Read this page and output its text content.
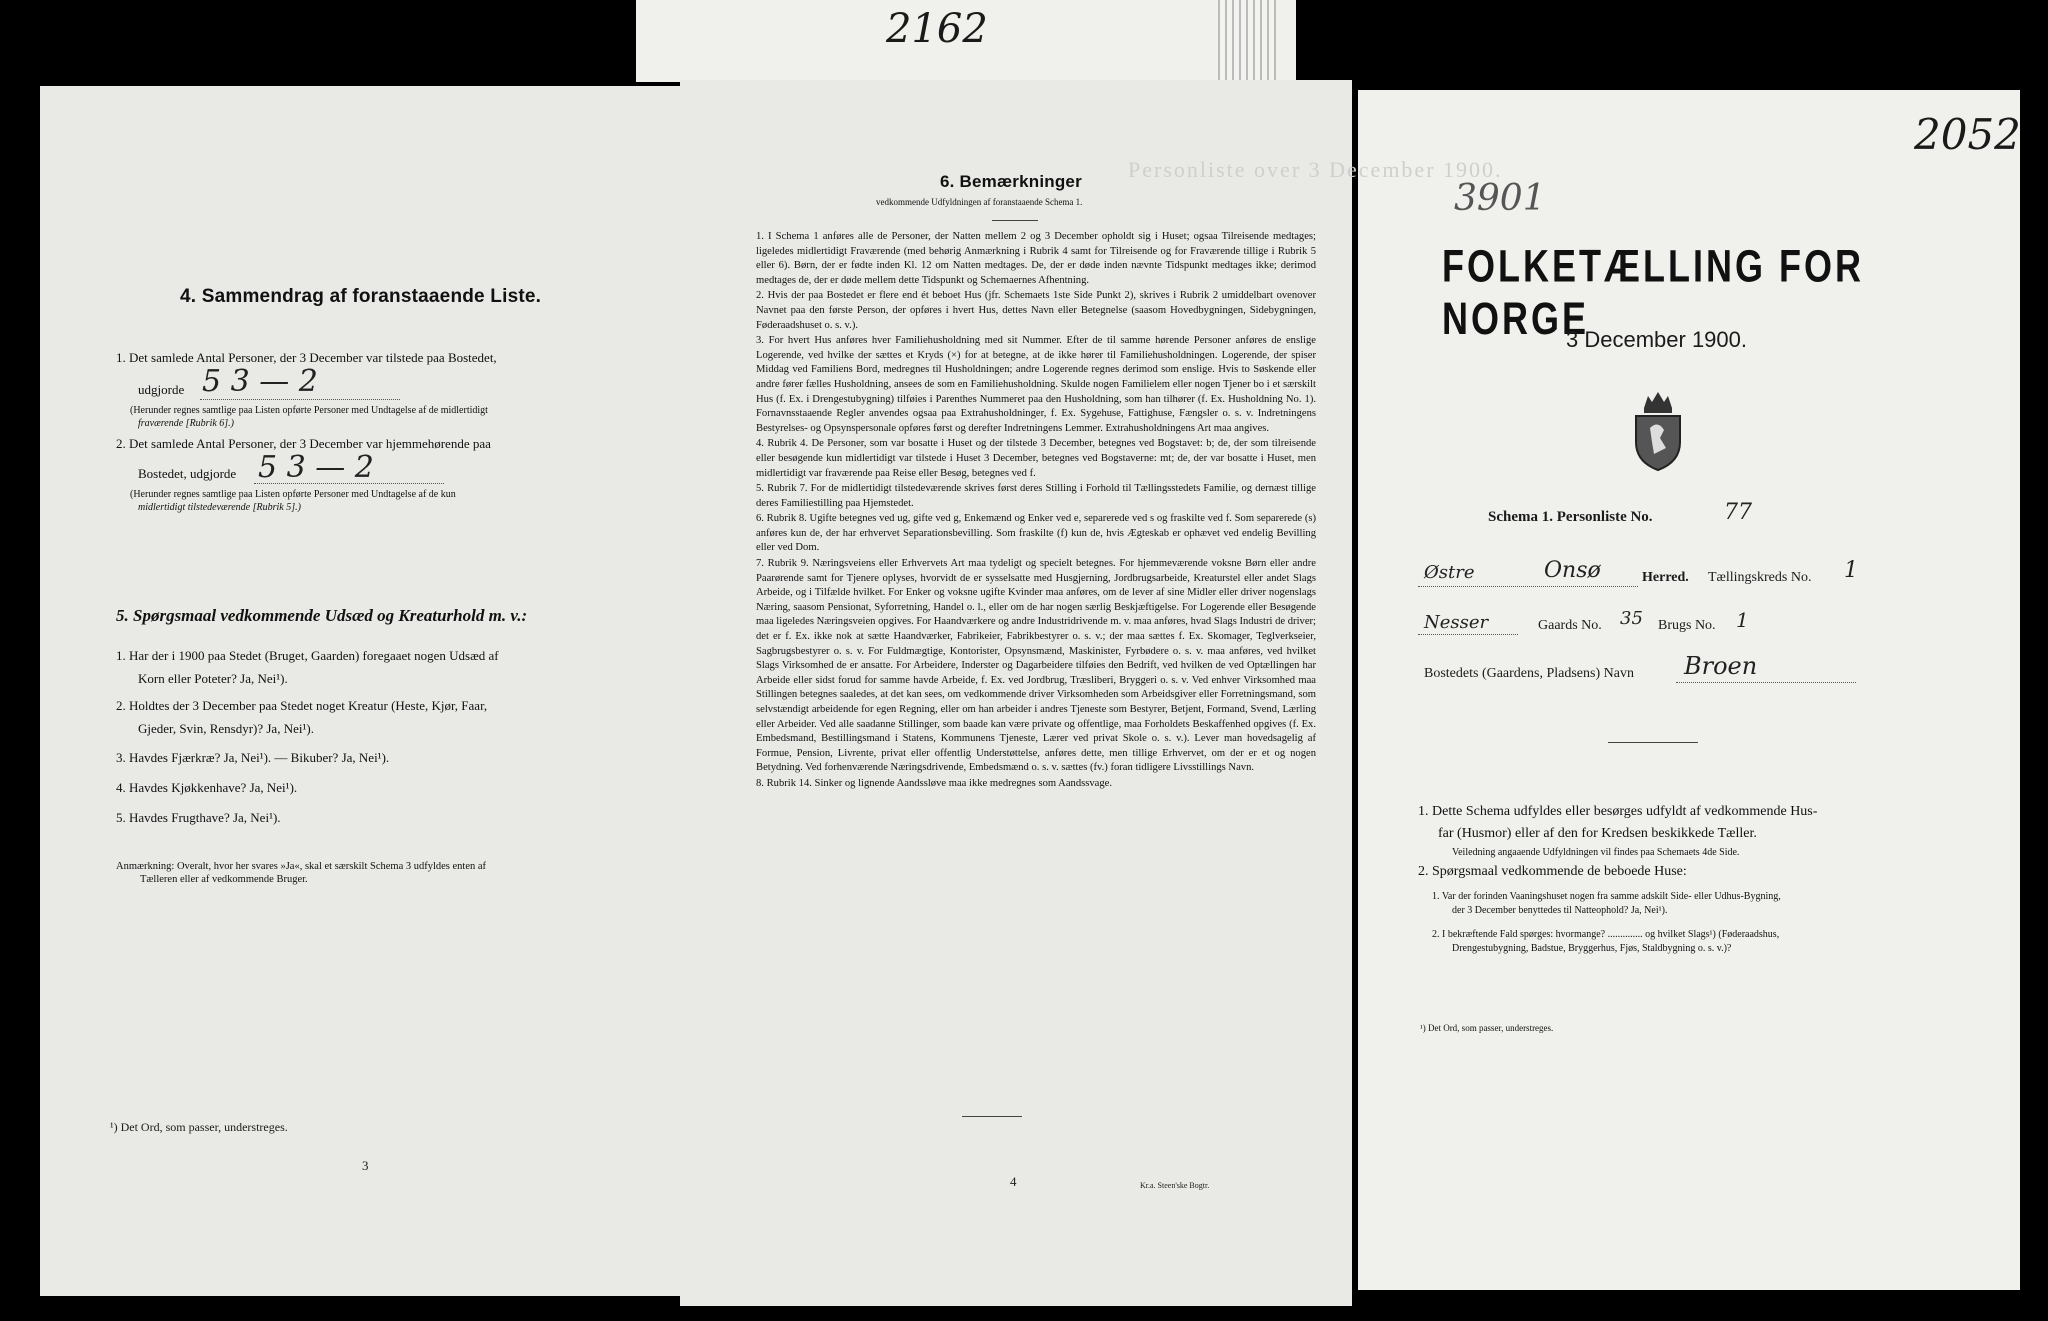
2162
4. Sammendrag af foranstaaende Liste.
1. Det samlede Antal Personer, der 3 December var tilstede paa Bostedet,
udgjorde 5 3 — 2
(Herunder regnes samtlige paa Listen opførte Personer med Undtagelse af de midlertidigt
fraværende [Rubrik 6].)
2. Det samlede Antal Personer, der 3 December var hjemmehørende paa
Bostedet, udgjorde 5 3 — 2
(Herunder regnes samtlige paa Listen opførte Personer med Undtagelse af de kun
midlertidigt tilstedeværende [Rubrik 5].)
5. Spørgsmaal vedkommende Udsæd og Kreaturhold m. v.:
1. Har der i 1900 paa Stedet (Bruget, Gaarden) foregaaet nogen Udsæd af
Korn eller Poteter? Ja, Nei¹).
2. Holdtes der 3 December paa Stedet noget Kreatur (Heste, Kjør, Faar,
Gjeder, Svin, Rensdyr)? Ja, Nei¹).
3. Havdes Fjærkræ? Ja, Nei¹). — Bikuber? Ja, Nei¹).
4. Havdes Kjøkkenhave? Ja, Nei¹).
5. Havdes Frugthave? Ja, Nei¹).
Anmærkning: Overalt, hvor her svares »Ja«, skal et særskilt Schema 3 udfyldes enten af
Tælleren eller af vedkommende Bruger.
¹) Det Ord, som passer, understreges.
3
6. Bemærkninger
vedkommende Udfyldningen af foranstaaende Schema 1.
1. I Schema 1 anføres alle de Personer, der Natten mellem 2 og 3 December opholdt sig i Huset; ogsaa Tilreisende medtages; ligeledes midlertidigt Fraværende (med behørig Anmærkning i Rubrik 4 samt for Tilreisende og for Fraværende tillige i Rubrik 5 eller 6). Børn, der er fødte inden Kl. 12 om Natten medtages. De, der er døde inden nævnte Tidspunkt medtages ikke; derimod medtages de, der er døde mellem dette Tidspunkt og Schemaernes Afhentning.
2. Hvis der paa Bostedet er flere end ét beboet Hus (jfr. Schemaets 1ste Side Punkt 2), skrives i Rubrik 2 umiddelbart ovenover Navnet paa den første Person, der opføres i hvert Hus, dettes Navn eller Betegnelse (saasom Hovedbygningen, Sidebygningen, Føderaadshuset o. s. v.).
3. For hvert Hus anføres hver Familiehusholdning med sit Nummer. Efter de til samme hørende Personer anføres de enslige Logerende, ved hvilke der sættes et Kryds (×) for at betegne, at de ikke hører til Familiehusholdningen. Logerende, der spiser Middag ved Familiens Bord, medregnes til Husholdningen; andre Logerende regnes derimod som enslige. Hvis to Søskende eller andre fører fælles Husholdning, ansees de som en Familiehusholdning. Skulde nogen Familielem eller nogen Tjener bo i et særskilt Hus (f. Ex. i Drengestubygning) tilføies i Parenthes Nummeret paa den Husholdning, som han tilhører (f. Ex. Husholdning No. 1). Fornavnsstaaende Regler anvendes ogsaa paa Extrahusholdninger, f. Ex. Sygehuse, Fattighuse, Fængsler o. s. v. Indretningens Bestyrelses- og Opsynspersonale opføres først og derefter Indretningens Lemmer. Extrahusholdningens Art maa angives.
4. Rubrik 4. De Personer, som var bosatte i Huset og der tilstede 3 December, betegnes ved Bogstavet: b; de, der som tilreisende eller besøgende kun midlertidigt var tilstede i Huset 3 December, betegnes ved Bogstaverne: mt; de, der var bosatte i Huset, men midlertidigt var fraværende paa Reise eller Besøg, betegnes ved f.
5. Rubrik 7. For de midlertidigt tilstedeværende skrives først deres Stilling i Forhold til Tællingsstedets Familie, og dernæst tillige deres Familiestilling paa Hjemstedet.
6. Rubrik 8. Ugifte betegnes ved ug, gifte ved g, Enkemænd og Enker ved e, separerede ved s og fraskilte ved f. Som separerede (s) anføres kun de, der har erhvervet Separationsbevilling. Som fraskilte (f) kun de, hvis Ægteskab er ophævet ved endelig Bevilling eller ved Dom.
7. Rubrik 9. Næringsveiens eller Erhvervets Art maa tydeligt og specielt betegnes. For hjemmeværende voksne Børn eller andre Paarørende samt for Tjenere oplyses, hvorvidt de er sysselsatte med Husgjerning, Jordbrugsarbeide, Kreaturstel eller andet Slags Arbeide, og i Tilfælde hvilket. For Enker og voksne ugifte Kvinder maa anføres, om de lever af sine Midler eller driver nogenslags Næring, saasom Pensionat, Syforretning, Handel o. l., eller om de har nogen særlig Beskjæftigelse. For Logerende eller Besøgende maa ligeledes Næringsveien opgives. For Haandværkere og andre Industridrivende m. v. maa anføres, hvad Slags Industri de driver; det er f. Ex. ikke nok at sætte Haandværker, Fabrikeier, Fabrikbestyrer o. s. v.; der maa sættes f. Ex. Skomager, Teglverkseier, Sagbrugsbestyrer o. s. v. For Fuldmægtige, Kontorister, Opsynsmænd, Maskinister, Fyrbødere o. s. v. maa anføres, ved hvilket Slags Virksomhed de er ansatte. For Arbeidere, Inderster og Dagarbeidere tilføies den Bedrift, ved hvilken de ved Optællingen har Arbeide eller sidst forud for samme havde Arbeide, f. Ex. ved Jordbrug, Træsliberi, Bryggeri o. s. v. Ved enhver Virksomhed maa Stillingen betegnes saaledes, at det kan sees, om vedkommende driver Virksomheden som Arbeidsgiver eller Forretningsmand, som selvstændigt arbeidende for egen Regning, eller om han arbeider i andres Tjeneste som Bestyrer, Betjent, Formand, Svend, Lærling eller Arbeider. Ved alle saadanne Stillinger, som baade kan være private og offentlige, maa Forholdets Beskaffenhed opgives (f. Ex. Embedsmand, Bestillingsmand i Statens, Kommunens Tjeneste, Lærer ved privat Skole o. s. v.). Lever man hovedsagelig af Formue, Pension, Livrente, privat eller offentlig Understøttelse, anføres dette, men tillige Erhvervet, om der er et og nogen Betydning. Ved forhenværende Næringsdrivende, Embedsmænd o. s. v. sættes (fv.) foran tidligere Livsstillings Navn.
8. Rubrik 14. Sinker og lignende Aandssløve maa ikke medregnes som Aandssvage.
4	Kr.a. Steen'ske Bogtr.
Personliste over 3 December 1900.
2052
3901
FOLKETÆLLING FOR NORGE
3 December 1900.
Schema 1. Personliste No.	77
Østre	Onsø	Herred. Tællingskreds No. 1
Nesser	Gaards No. 35 Brugs No. 1
Bostedets (Gaardens, Pladsens) Navn Broen
1. Dette Schema udfyldes eller besørges udfyldt af vedkommende Hus-
far (Husmor) eller af den for Kredsen beskikkede Tæller.
Veiledning angaaende Udfyldningen vil findes paa Schemaets 4de Side.
2. Spørgsmaal vedkommende de beboede Huse:
1. Var der forinden Vaaningshuset nogen fra samme adskilt Side- eller Udhus-Bygning,
der 3 December benyttedes til Natteophold? Ja, Nei¹).
2. I bekræftende Fald spørges: hvormange? .............. og hvilket Slags¹) (Føderaadshus,
Drengestubygning, Badstue, Bryggerhus, Fjøs, Staldbygning o. s. v.)?
¹) Det Ord, som passer, understreges.
